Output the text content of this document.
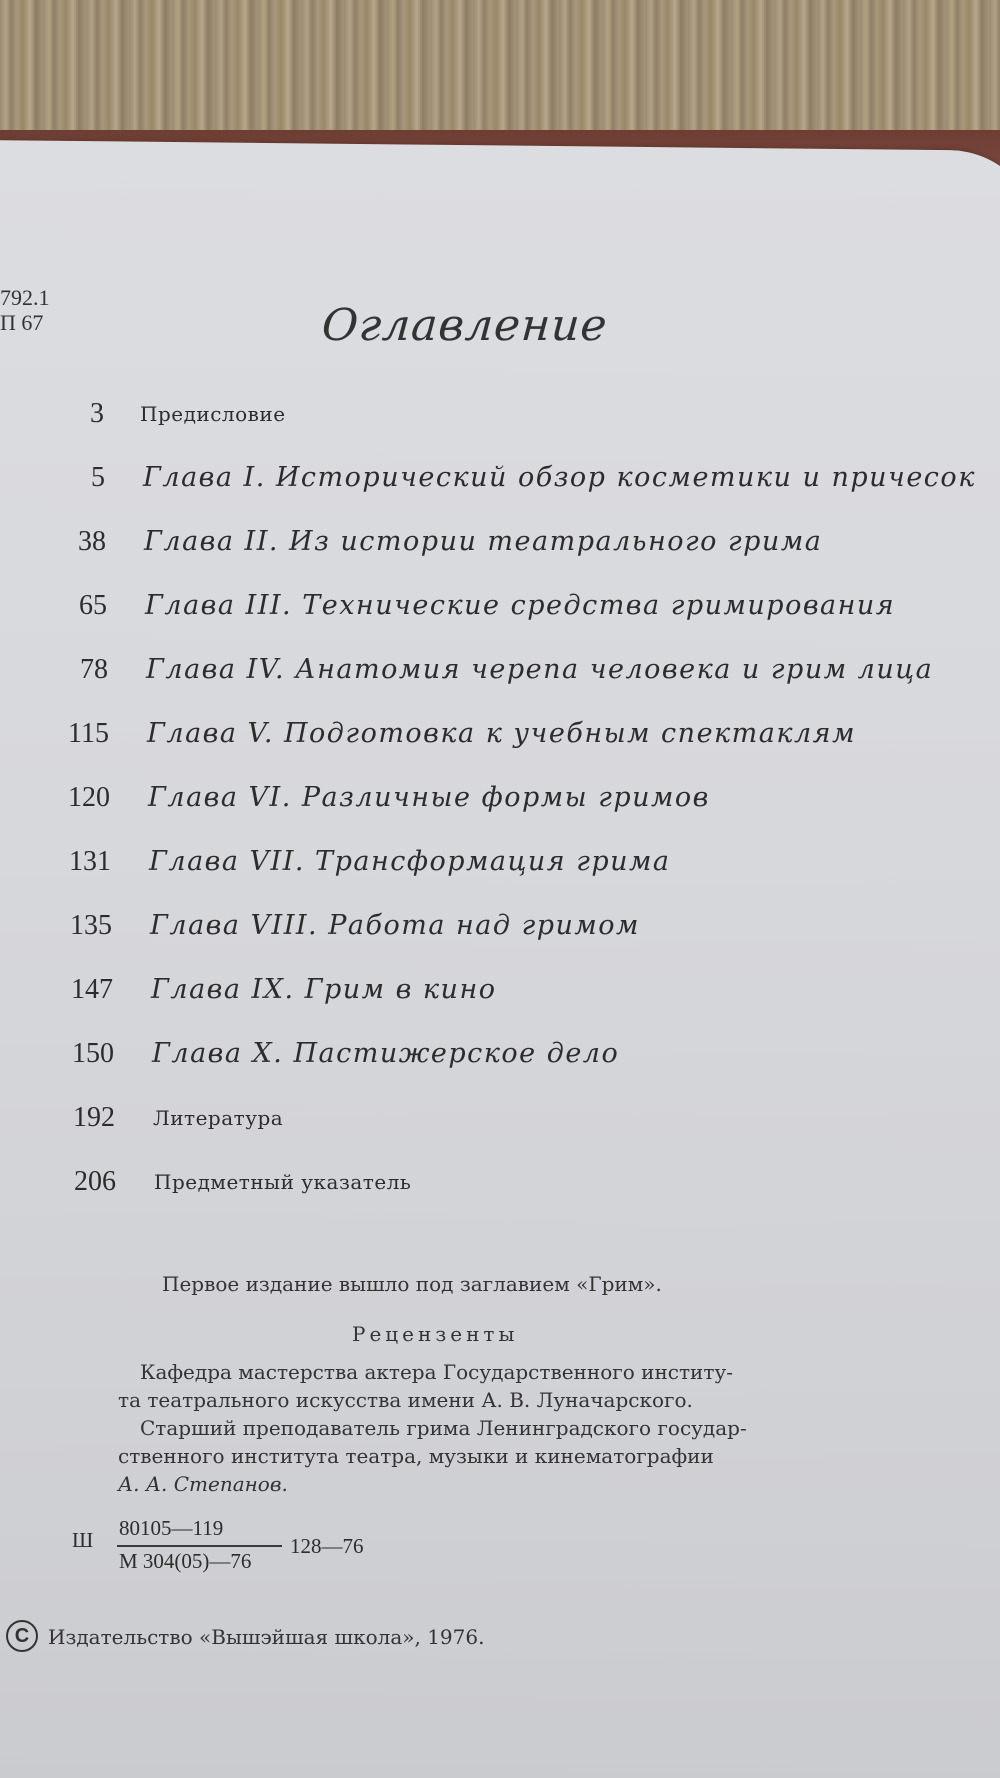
792.1
П 67	Оглавление
3 Предисловие
5 Глава I. Исторический обзор косметики и причесок
38 Глава II. Из истории театрального грима
65 Глава III. Технические средства гримирования
78 Глава IV. Анатомия черепа человека и грим лица
115 Глава V. Подготовка к учебным спектаклям
120 Глава VI. Различные формы гримов
131 Глава VII. Трансформация грима
135 Глава VIII. Работа над гримом
147 Глава IX. Грим в кино
150 Глава X. Пастижерское дело
192 Литература
206 Предметный указатель
Первое издание вышло под заглавием «Грим».
Рецензенты
Кафедра мастерства актера Государственного институ-
та театрального искусства имени А. В. Луначарского.
Старший преподаватель грима Ленинградского государ-
ственного института театра, музыки и кинематографии
А. А. Степанов.
Ш 80105—119
М 304(05)—76
128—76
C Издательство «Вышэйшая школа», 1976.
